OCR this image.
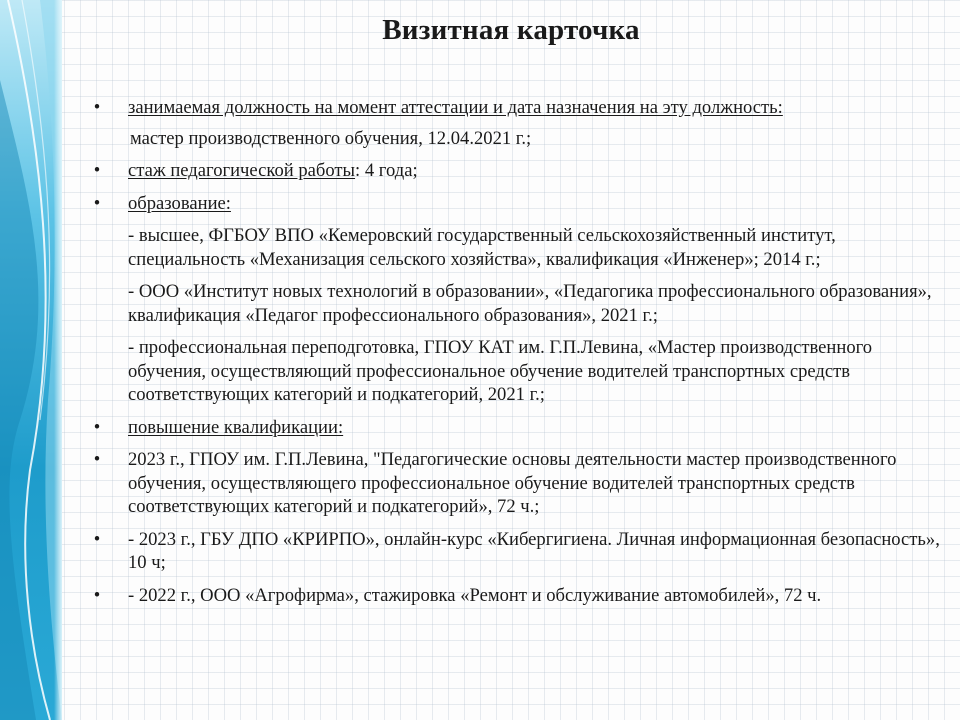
Визитная карточка
• занимаемая должность на момент аттестации и дата назначения на эту должность:
мастер производственного обучения, 12.04.2021 г.;
• стаж педагогической работы: 4 года;
• образование:
- высшее, ФГБОУ ВПО «Кемеровский государственный сельскохозяйственный институт, специальность «Механизация сельского хозяйства», квалификация «Инженер»; 2014 г.;
- ООО «Институт новых технологий в образовании», «Педагогика профессионального образования», квалификация «Педагог профессионального образования», 2021 г.;
- профессиональная переподготовка, ГПОУ КАТ им. Г.П.Левина, «Мастер производственного обучения, осуществляющий профессиональное обучение водителей транспортных средств соответствующих категорий и подкатегорий, 2021 г.;
• повышение квалификации:
• 2023 г., ГПОУ им. Г.П.Левина, "Педагогические основы деятельности мастер производственного обучения, осуществляющего профессиональное обучение водителей транспортных средств соответствующих категорий и подкатегорий», 72 ч.;
• - 2023 г., ГБУ ДПО «КРИРПО», онлайн-курс «Кибергигиена. Личная информационная безопасность», 10 ч;
• - 2022 г., ООО «Агрофирма», стажировка «Ремонт и обслуживание автомобилей», 72 ч.
